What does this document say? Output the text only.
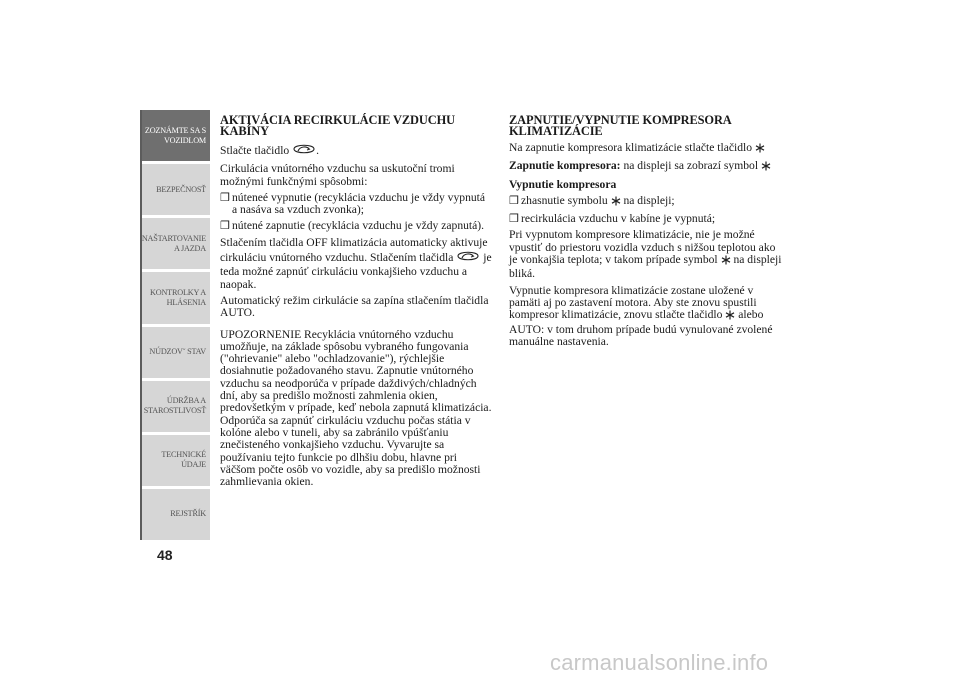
ZOZNÁMTE SA S
VOZIDLOM
BEZPEČNOSŤ
NAŠTARTOVANIE
A JAZDA
KONTROLKY A
HLÁSENIA
NÚDZOV˘ STAV
ÚDRŽBA A
STAROSTLIVOSŤ
TECHNICKÉ
ÚDAJE
REJSTŘÍK
48
AKTIVÁCIA RECIRKULÁCIE VZDUCHU KABÍNY

Stlačte tlačidlo .

Cirkulácia vnútorného vzduchu sa uskutoční tromi možnými funkčnými spôsobmi:

❒ núteneé vypnutie (recyklácia vzduchu je vždy vypnutá a nasáva sa vzduch zvonka);
❒ nútené zapnutie (recyklácia vzduchu je vždy zapnutá).

Stlačením tlačidla OFF klimatizácia automaticky aktivuje cirkuláciu vnútorného vzduchu. Stlačením tlačidla	je teda možné zapnúť cirkuláciu vonkajšieho vzduchu a naopak.

Automatický režim cirkulácie sa zapína stlačením tlačidla AUTO.

UPOZORNENIE Recyklácia vnútorného vzduchu umožňuje, na základe spôsobu vybraného fungovania ("ohrievanie" alebo "ochladzovanie"), rýchlejšie dosiahnutie požadovaného stavu. Zapnutie vnútorného vzduchu sa neodporúča v prípade daždivých/chladných dní, aby sa predišlo možnosti zahmlenia okien, predovšetkým v prípade, keď nebola zapnutá klimatizácia. Odporúča sa zapnúť cirkuláciu vzduchu počas státia v kolóne alebo v tuneli, aby sa zabránilo vpúšťaniu znečisteného vonkajšieho vzduchu. Vyvarujte sa používaniu tejto funkcie po dlhšiu dobu, hlavne pri väčšom počte osôb vo vozidle, aby sa predišlo možnosti zahmlievania okien.

ZAPNUTIE/VYPNUTIE KOMPRESORA KLIMATIZÁCIE

Na zapnutie kompresora klimatizácie stlačte tlačidlo

Zapnutie kompresora: na displeji sa zobrazí symbol

Vypnutie kompresora

❒ zhasnutie symbolu na displeji;
❒ recirkulácia vzduchu v kabíne je vypnutá;

Pri vypnutom kompresore klimatizácie, nie je možné vpustiť do priestoru vozidla vzduch s nižšou teplotou ako je vonkajšia teplota; v takom prípade symbol na displeji bliká.

Vypnutie kompresora klimatizácie zostane uložené v pamäti aj po zastavení motora. Aby ste znovu spustili kompresor klimatizácie, znovu stlačte tlačidlo alebo AUTO: v tom druhom prípade budú vynulované zvolené manuálne nastavenia.

carmanualsonline.info
